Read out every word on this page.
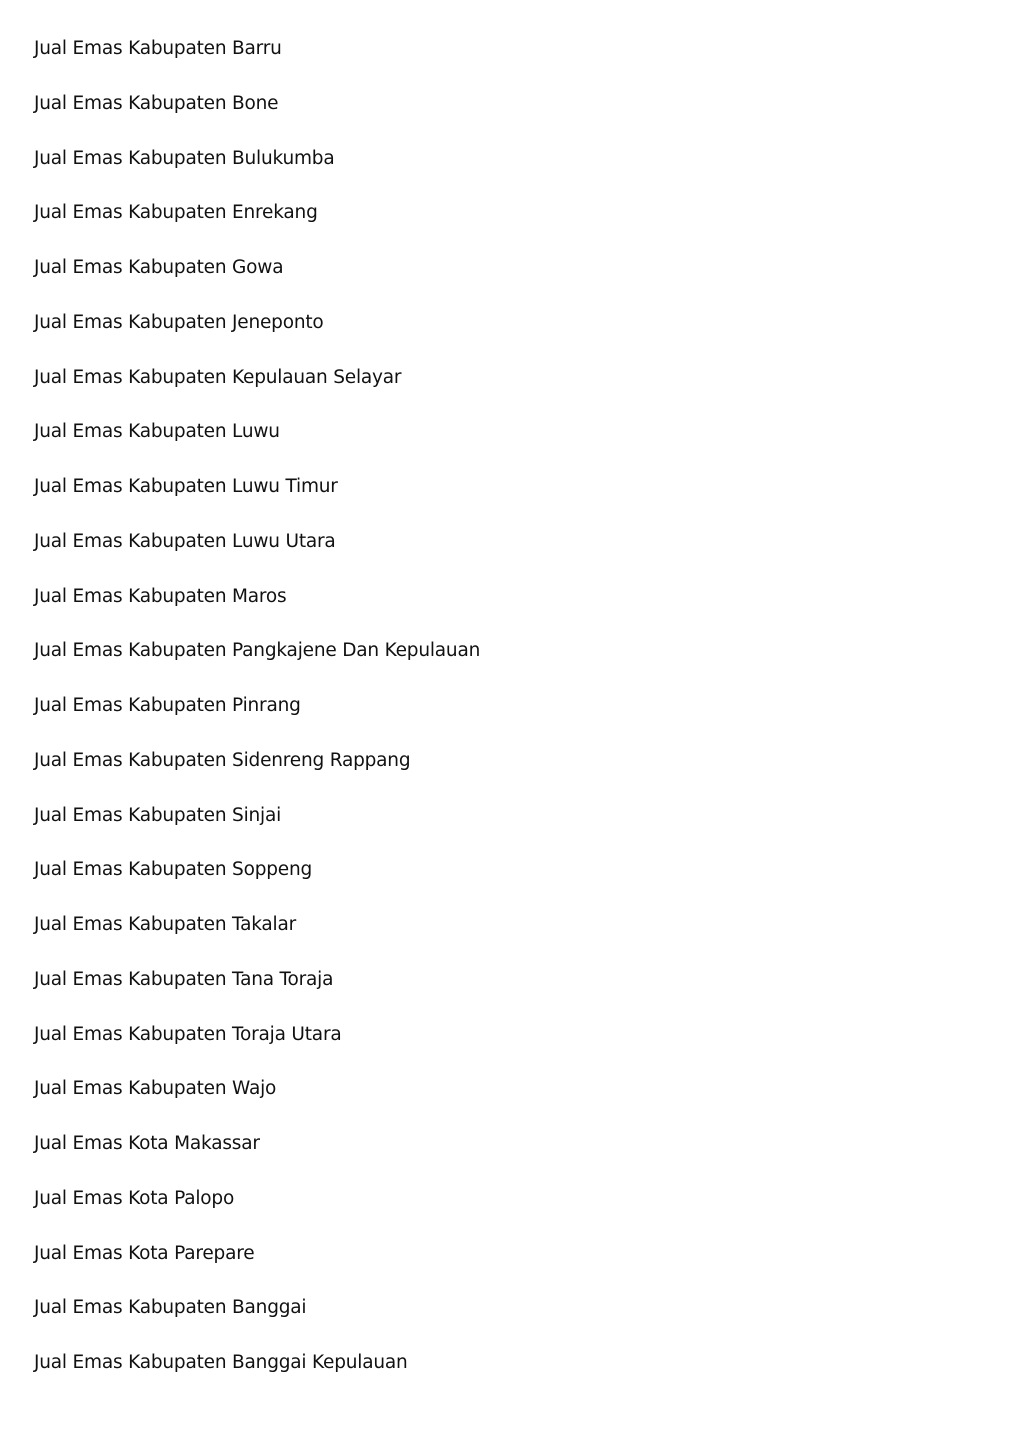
Jual Emas Kabupaten Barru
Jual Emas Kabupaten Bone
Jual Emas Kabupaten Bulukumba
Jual Emas Kabupaten Enrekang
Jual Emas Kabupaten Gowa
Jual Emas Kabupaten Jeneponto
Jual Emas Kabupaten Kepulauan Selayar
Jual Emas Kabupaten Luwu
Jual Emas Kabupaten Luwu Timur
Jual Emas Kabupaten Luwu Utara
Jual Emas Kabupaten Maros
Jual Emas Kabupaten Pangkajene Dan Kepulauan
Jual Emas Kabupaten Pinrang
Jual Emas Kabupaten Sidenreng Rappang
Jual Emas Kabupaten Sinjai
Jual Emas Kabupaten Soppeng
Jual Emas Kabupaten Takalar
Jual Emas Kabupaten Tana Toraja
Jual Emas Kabupaten Toraja Utara
Jual Emas Kabupaten Wajo
Jual Emas Kota Makassar
Jual Emas Kota Palopo
Jual Emas Kota Parepare
Jual Emas Kabupaten Banggai
Jual Emas Kabupaten Banggai Kepulauan
